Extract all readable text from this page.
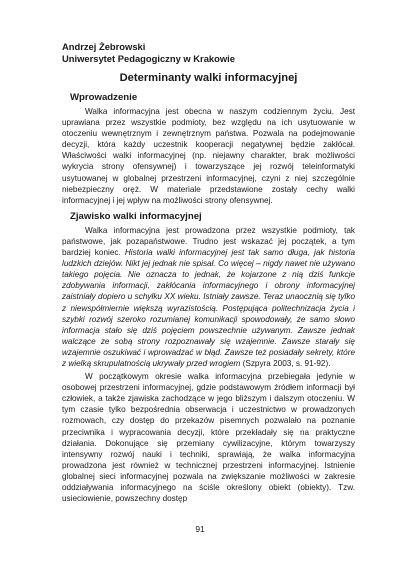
Andrzej Żebrowski
Uniwersytet Pedagogiczny w Krakowie
Determinanty walki informacyjnej
Wprowadzenie

Walka informacyjna jest obecna w naszym codziennym życiu. Jest uprawiana przez wszystkie podmioty, bez względu na ich usytuowanie w otoczeniu wewnętrznym i zewnętrznym państwa. Pozwala na podejmowanie decyzji, która każdy uczestnik kooperacji negatywnej będzie zakłócał. Właściwości walki informacyjnej (np. niejawny charakter, brak możliwości wykrycia strony ofensywnej) i towarzyszące jej rozwój teleinformatyki usytuowanej w globalnej przestrzeni informacyjnej, czyni z niej szczególnie niebezpieczny oręż. W materiale przedstawione zostały cechy walki informacyjnej i jej wpływ na możliwości strony ofensywnej.

Zjawisko walki informacyjnej

Walka informacyjna jest prowadzona przez wszystkie podmioty, tak państwowe, jak pozapaństwowe. Trudno jest wskazać jej początek, a tym bardziej koniec. Historia walki informacyjnej jest tak samo długa, jak historia ludzkich dziejów. Nikt jej jednak nie spisał. Co więcej – nigdy nawet nie używano takiego pojęcia. Nie oznacza to jednak, że kojarzone z nią dziś funkcje zdobywania informacji, zakłócania informacyjnego i obrony informacyjnej zaistniały dopiero u schyłku XX wieku. Istniały zawsze. Teraz unaocznią się tylko z niewspółmiernie większą wyrazistością. Postępująca politechnizacja życia i szybki rozwój szeroko rozumianej komunikacji spowodowały, że samo słowo informacja stało się dziś pojęciem powszechnie używanym. Zawsze jednak walczące ze sobą strony rozpoznawały się wzajemnie. Zawsze starały się wzajemnie oszukiwać i wprowadzać w błąd. Zawsze też posiadały sekrety, które z wielką skrupulatnością ukrywały przed wrogiem (Szpyra 2003, s. 91-92).

W początkowym okresie walka informacyjna przebiegała jedynie w osobowej przestrzeni informacyjnej, gdzie podstawowym źródłem informacji był człowiek, a także zjawiska zachodzące w jego bliższym i dalszym otoczeniu. W tym czasie tylko bezpośrednia obserwacja i uczestnictwo w prowadzonych rozmowach, czy dostęp do przekazów pisemnych pozwalało na poznanie przeciwnika i wypracowania decyzji, które przekładały się na praktyczne działania. Dokonujące się przemiany cywilizacyjne, którym towarzyszy intensywny rozwój nauki i techniki, sprawiają, że walka informacyjna prowadzona jest również w technicznej przestrzeni informacyjnej. Istnienie globalnej sieci informacyjnej pozwala na zwiększanie możliwości w zakresie oddziaływania informacyjnego na ściśle określony obiekt (obiekty). Tzw. usieciowienie, powszechny dostęp

91
